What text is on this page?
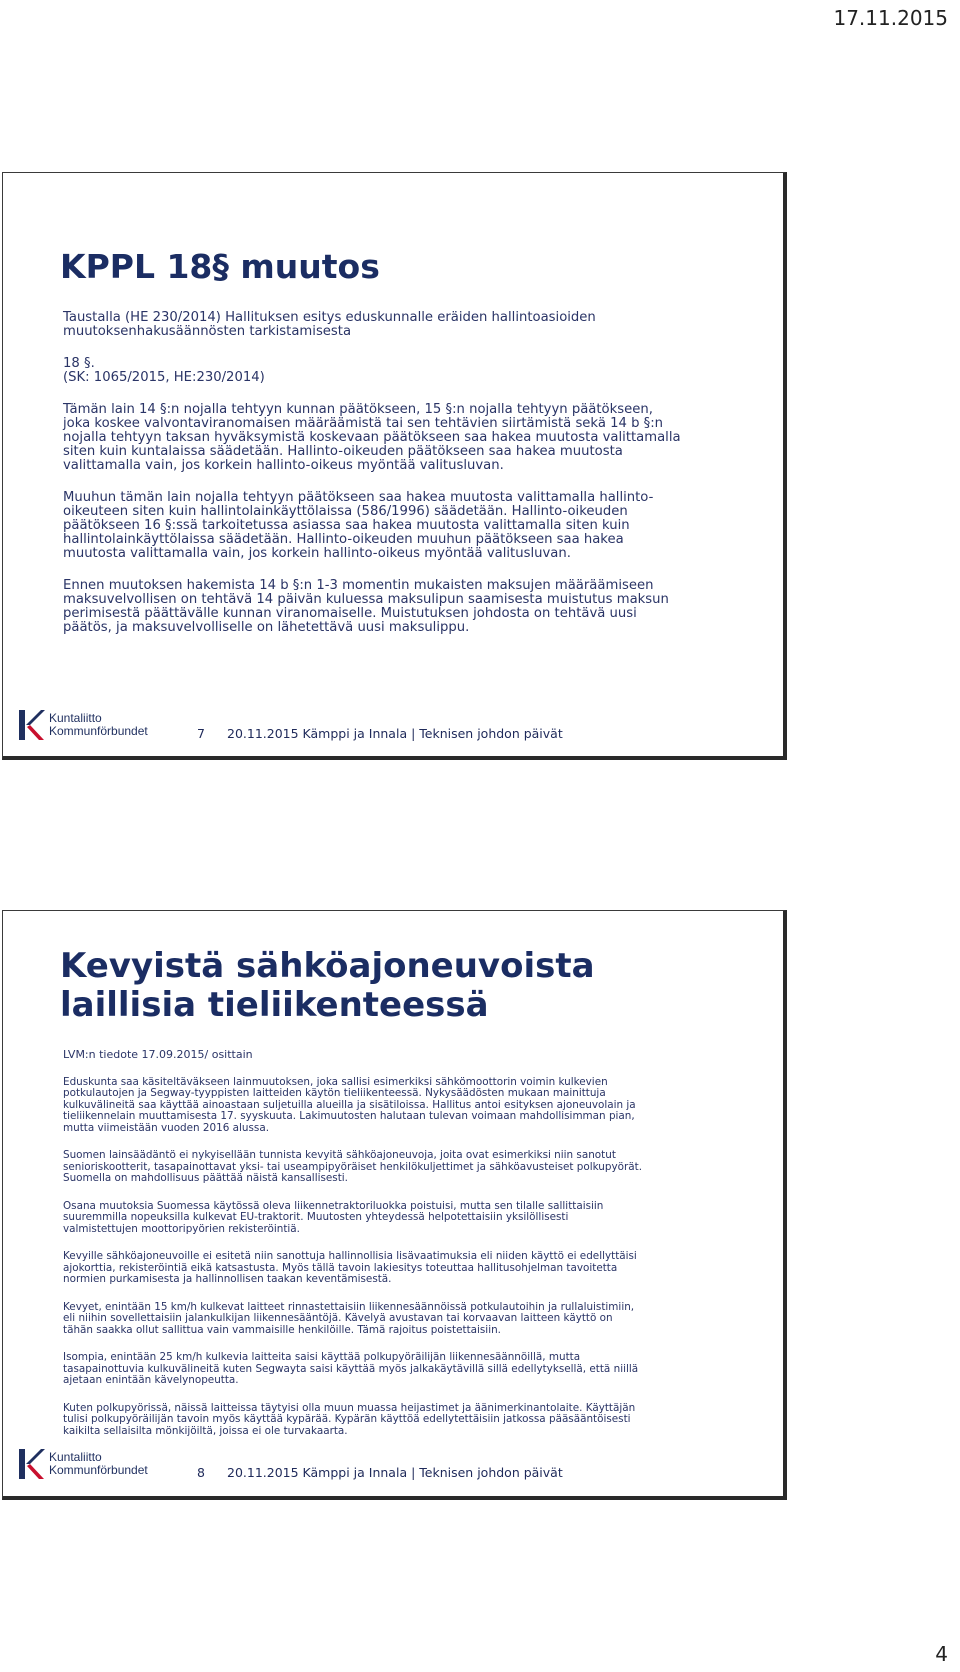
17.11.2015
KPPL 18§ muutos

Taustalla (HE 230/2014) Hallituksen esitys eduskunnalle eräiden hallintoasioiden
muutoksenhakusäännösten tarkistamisesta

18 §.
(SK: 1065/2015, HE:230/2014)

Tämän lain 14 §:n nojalla tehtyyn kunnan päätökseen, 15 §:n nojalla tehtyyn päätökseen,
joka koskee valvontaviranomaisen määräämistä tai sen tehtävien siirtämistä sekä 14 b §:n
nojalla tehtyyn taksan hyväksymistä koskevaan päätökseen saa hakea muutosta valittamalla
siten kuin kuntalaissa säädetään. Hallinto-oikeuden päätökseen saa hakea muutosta
valittamalla vain, jos korkein hallinto-oikeus myöntää valitusluvan.

Muuhun tämän lain nojalla tehtyyn päätökseen saa hakea muutosta valittamalla hallinto-
oikeuteen siten kuin hallintolainkäyttölaissa (586/1996) säädetään. Hallinto-oikeuden
päätökseen 16 §:ssä tarkoitetussa asiassa saa hakea muutosta valittamalla siten kuin
hallintolainkäyttölaissa säädetään. Hallinto-oikeuden muuhun päätökseen saa hakea
muutosta valittamalla vain, jos korkein hallinto-oikeus myöntää valitusluvan.

Ennen muutoksen hakemista 14 b §:n 1-3 momentin mukaisten maksujen määräämiseen
maksuvelvollisen on tehtävä 14 päivän kuluessa maksulipun saamisesta muistutus maksun
perimisestä päättävälle kunnan viranomaiselle. Muistutuksen johdosta on tehtävä uusi
päätös, ja maksuvelvolliselle on lähetettävä uusi maksulippu.

Kuntaliitto
Kommunförbundet	7 20.11.2015 Kämppi ja Innala | Teknisen johdon päivät
Kevyistä sähköajoneuvoista
laillisia tieliikenteessä

LVM:n tiedote 17.09.2015/ osittain

Eduskunta saa käsiteltäväkseen lainmuutoksen, joka sallisi esimerkiksi sähkömoottorin voimin kulkevien
potkulautojen ja Segway-tyyppisten laitteiden käytön tieliikenteessä. Nykysäädösten mukaan mainittuja
kulkuvälineitä saa käyttää ainoastaan suljetuilla alueilla ja sisätiloissa. Hallitus antoi esityksen ajoneuvolain ja
tieliikennelain muuttamisesta 17. syyskuuta. Lakimuutosten halutaan tulevan voimaan mahdollisimman pian,
mutta viimeistään vuoden 2016 alussa.

Suomen lainsäädäntö ei nykyisellään tunnista kevyitä sähköajoneuvoja, joita ovat esimerkiksi niin sanotut
senioriskootterit, tasapainottavat yksi- tai useampipyöräiset henkilökuljettimet ja sähköavusteiset polkupyörät.
Suomella on mahdollisuus päättää näistä kansallisesti.

Osana muutoksia Suomessa käytössä oleva liikennetraktoriluokka poistuisi, mutta sen tilalle sallittaisiin
suuremmilla nopeuksilla kulkevat EU-traktorit. Muutosten yhteydessä helpotettaisiin yksilöllisesti
valmistettujen moottoripyörien rekisteröintiä.

Kevyille sähköajoneuvoille ei esitetä niin sanottuja hallinnollisia lisävaatimuksia eli niiden käyttö ei edellyttäisi
ajokorttia, rekisteröintiä eikä katsastusta. Myös tällä tavoin lakiesitys toteuttaa hallitusohjelman tavoitetta
normien purkamisesta ja hallinnollisen taakan keventämisestä.

Kevyet, enintään 15 km/h kulkevat laitteet rinnastettaisiin liikennesäännöissä potkulautoihin ja rullaluistimiin,
eli niihin sovellettaisiin jalankulkijan liikennesääntöjä. Kävelyä avustavan tai korvaavan laitteen käyttö on
tähän saakka ollut sallittua vain vammaisille henkilöille. Tämä rajoitus poistettaisiin.

Isompia, enintään 25 km/h kulkevia laitteita saisi käyttää polkupyöräilijän liikennesäännöillä, mutta
tasapainottuvia kulkuvälineitä kuten Segwayta saisi käyttää myös jalkakäytävillä sillä edellytyksellä, että niillä
ajetaan enintään kävelynopeutta.

Kuten polkupyörissä, näissä laitteissa täytyisi olla muun muassa heijastimet ja äänimerkinantolaite. Käyttäjän
tulisi polkupyöräilijän tavoin myös käyttää kypärää. Kypärän käyttöä edellytettäisiin jatkossa pääsääntöisesti
kaikilta sellaisilta mönkijöiltä, joissa ei ole turvakaarta.

Kuntaliitto
Kommunförbundet	8 20.11.2015 Kämppi ja Innala | Teknisen johdon päivät
4
